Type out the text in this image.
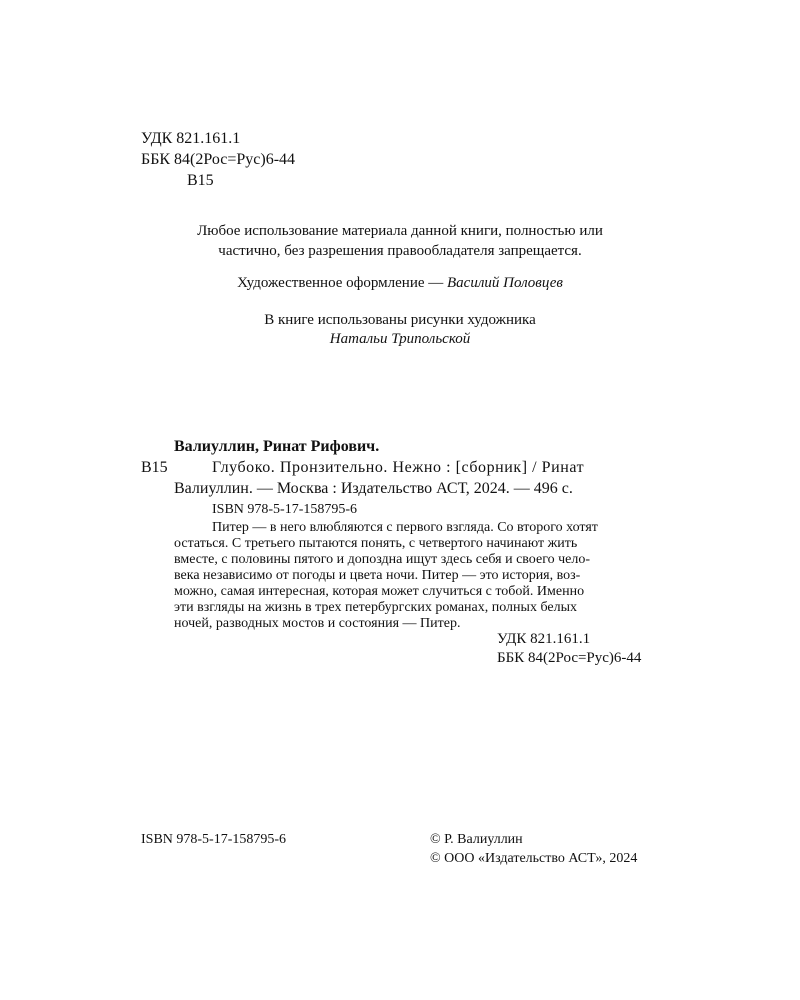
УДК 821.161.1
ББК 84(2Рос=Рус)6-44
В15
Любое использование материала данной книги, полностью или
частично, без разрешения правообладателя запрещается.
Художественное оформление — Василий Половцев
В книге использованы рисунки художника
Натальи Трипольской
Валиуллин, Ринат Рифович.
В15	Глубоко. Пронзительно. Нежно : [сборник] / Ринат
Валиуллин. — Москва : Издательство АСТ, 2024. — 496 с.
ISBN 978-5-17-158795-6
Питер — в него влюбляются с первого взгляда. Со второго хотят
остаться. С третьего пытаются понять, с четвертого начинают жить
вместе, с половины пятого и допоздна ищут здесь себя и своего чело-
века независимо от погоды и цвета ночи. Питер — это история, воз-
можно, самая интересная, которая может случиться с тобой. Именно
эти взгляды на жизнь в трех петербургских романах, полных белых
ночей, разводных мостов и состояния — Питер.
УДК 821.161.1
ББК 84(2Рос=Рус)6-44
ISBN 978-5-17-158795-6	© Р. Валиуллин
© ООО «Издательство АСТ», 2024
